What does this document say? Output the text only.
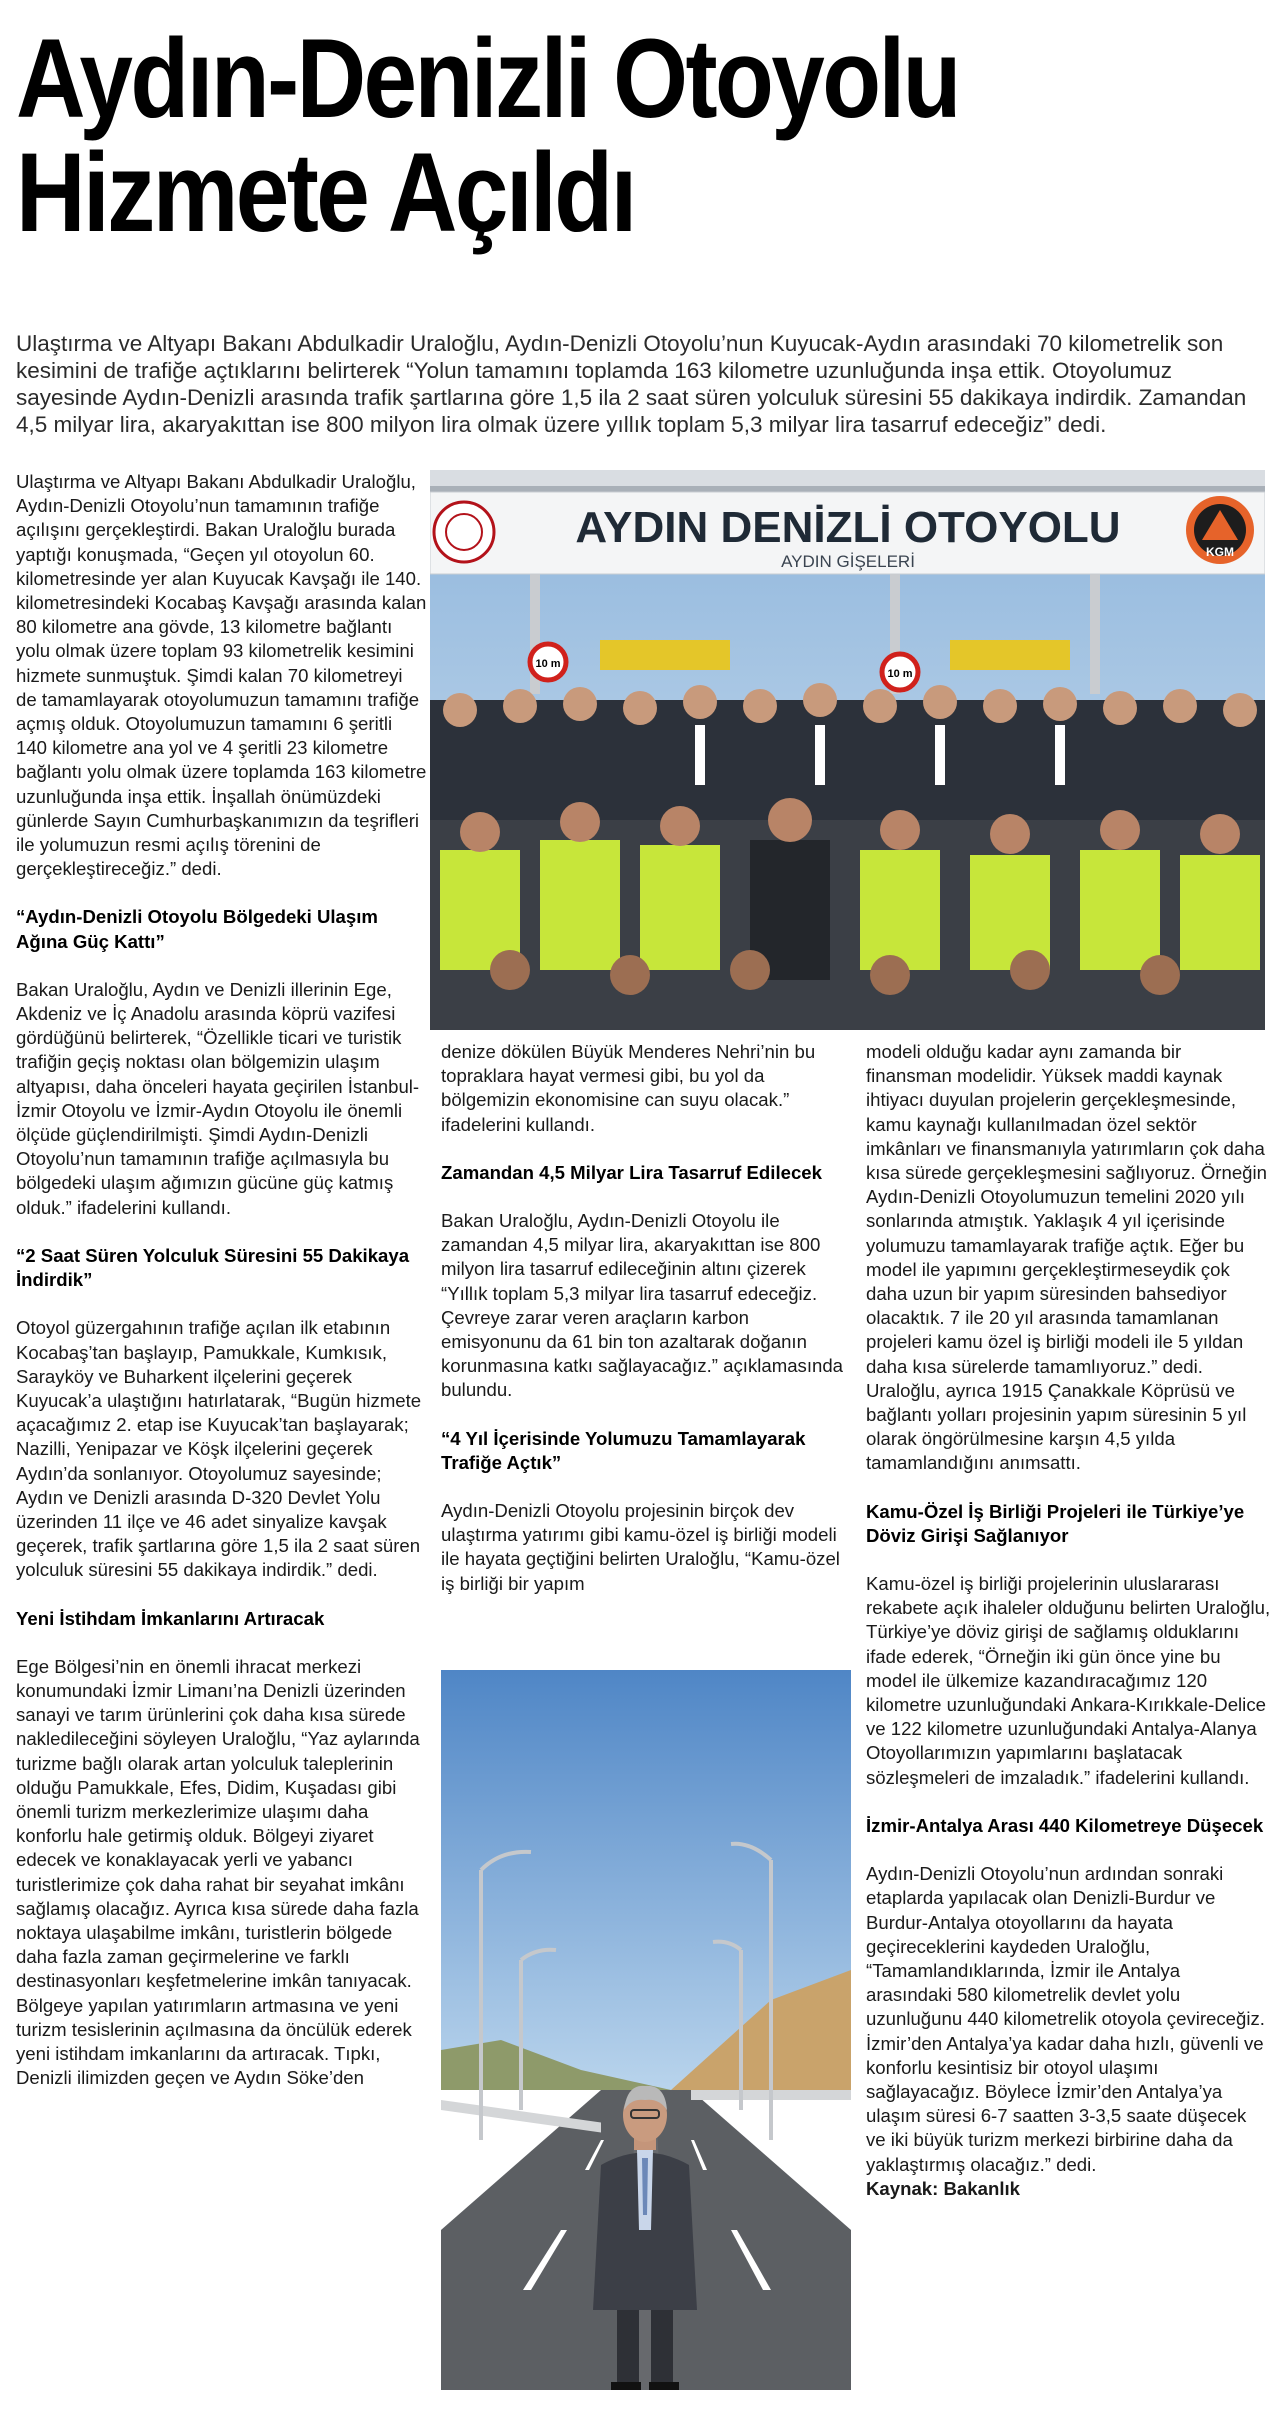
Aydın-Denizli Otoyolu
Hizmete Açıldı

Ulaştırma ve Altyapı Bakanı Abdulkadir Uraloğlu, Aydın-Denizli Otoyolu’nun Kuyucak-Aydın arasındaki 70 kilometrelik son kesimini de trafiğe açtıklarını belirterek “Yolun tamamını toplamda 163 kilometre uzunluğunda inşa ettik. Otoyolumuz sayesinde Aydın-Denizli arasında trafik şartlarına göre 1,5 ila 2 saat süren yolculuk süresini 55 dakikaya indirdik. Zamandan 4,5 milyar lira, akaryakıttan ise 800 milyon lira olmak üzere yıllık toplam 5,3 milyar lira tasarruf edeceğiz” dedi.

Ulaştırma ve Altyapı Bakanı Abdulkadir Uraloğlu, Aydın-Denizli Otoyolu’nun tamamının trafiğe açılışını gerçekleştirdi. Bakan Uraloğlu burada yaptığı konuşmada, “Geçen yıl otoyolun 60. kilometresinde yer alan Kuyucak Kavşağı ile 140. kilometresindeki Kocabaş Kavşağı arasında kalan 80 kilometre ana gövde, 13 kilometre bağlantı yolu olmak üzere toplam 93 kilometrelik kesimini hizmete sunmuştuk. Şimdi kalan 70 kilometreyi de tamamlayarak otoyolumuzun tamamını trafiğe açmış olduk. Otoyolumuzun tamamını 6 şeritli 140 kilometre ana yol ve 4 şeritli 23 kilometre bağlantı yolu olmak üzere toplamda 163 kilometre uzunluğunda inşa ettik. İnşallah önümüzdeki günlerde Sayın Cumhurbaşkanımızın da teşrifleri ile yolumuzun resmi açılış törenini de gerçekleştireceğiz.” dedi.

“Aydın-Denizli Otoyolu Bölgedeki Ulaşım Ağına Güç Kattı”

Bakan Uraloğlu, Aydın ve Denizli illerinin Ege, Akdeniz ve İç Anadolu arasında köprü vazifesi gördüğünü belirterek, “Özellikle ticari ve turistik trafiğin geçiş noktası olan bölgemizin ulaşım altyapısı, daha önceleri hayata geçirilen İstanbul-İzmir Otoyolu ve İzmir-Aydın Otoyolu ile önemli ölçüde güçlendirilmişti. Şimdi Aydın-Denizli Otoyolu’nun tamamının trafiğe açılmasıyla bu bölgedeki ulaşım ağımızın gücüne güç katmış olduk.” ifadelerini kullandı.

“2 Saat Süren Yolculuk Süresini 55 Dakikaya İndirdik”

Otoyol güzergahının trafiğe açılan ilk etabının Kocabaş’tan başlayıp, Pamukkale, Kumkısık, Sarayköy ve Buharkent ilçelerini geçerek Kuyucak’a ulaştığını hatırlatarak, “Bugün hizmete açacağımız 2. etap ise Kuyucak’tan başlayarak; Nazilli, Yenipazar ve Köşk ilçelerini geçerek Aydın’da sonlanıyor. Otoyolumuz sayesinde; Aydın ve Denizli arasında D-320 Devlet Yolu üzerinden 11 ilçe ve 46 adet sinyalize kavşak geçerek, trafik şartlarına göre 1,5 ila 2 saat süren yolculuk süresini 55 dakikaya indirdik.” dedi.

Yeni İstihdam İmkanlarını Artıracak

Ege Bölgesi’nin en önemli ihracat merkezi konumundaki İzmir Limanı’na Denizli üzerinden sanayi ve tarım ürünlerini çok daha kısa sürede nakledileceğini söyleyen Uraloğlu, “Yaz aylarında turizme bağlı olarak artan yolculuk taleplerinin olduğu Pamukkale, Efes, Didim, Kuşadası gibi önemli turizm merkezlerimize ulaşımı daha konforlu hale getirmiş olduk. Bölgeyi ziyaret edecek ve konaklayacak yerli ve yabancı turistlerimize çok daha rahat bir seyahat imkânı sağlamış olacağız. Ayrıca kısa sürede daha fazla noktaya ulaşabilme imkânı, turistlerin bölgede daha fazla zaman geçirmelerine ve farklı destinasyonları keşfetmelerine imkân tanıyacak. Bölgeye yapılan yatırımların artmasına ve yeni turizm tesislerinin açılmasına da öncülük ederek yeni istihdam imkanlarını da artıracak. Tıpkı, Denizli ilimizden geçen ve Aydın Söke’den

AYDIN DENİZLİ OTOYOLU
AYDIN GİŞELERİ	KGM
10 m
10 m

denize dökülen Büyük Menderes Nehri’nin bu topraklara hayat vermesi gibi, bu yol da bölgemizin ekonomisine can suyu olacak.” ifadelerini kullandı.

Zamandan 4,5 Milyar Lira Tasarruf Edilecek

Bakan Uraloğlu, Aydın-Denizli Otoyolu ile zamandan 4,5 milyar lira, akaryakıttan ise 800 milyon lira tasarruf edileceğinin altını çizerek “Yıllık toplam 5,3 milyar lira tasarruf edeceğiz. Çevreye zarar veren araçların karbon emisyonunu da 61 bin ton azaltarak doğanın korunmasına katkı sağlayacağız.” açıklamasında bulundu.

“4 Yıl İçerisinde Yolumuzu Tamamlayarak Trafiğe Açtık”

Aydın-Denizli Otoyolu projesinin birçok dev ulaştırma yatırımı gibi kamu-özel iş birliği modeli ile hayata geçtiğini belirten Uraloğlu, “Kamu-özel iş birliği bir yapım

modeli olduğu kadar aynı zamanda bir finansman modelidir. Yüksek maddi kaynak ihtiyacı duyulan projelerin gerçekleşmesinde, kamu kaynağı kullanılmadan özel sektör imkânları ve finansmanıyla yatırımların çok daha kısa sürede gerçekleşmesini sağlıyoruz. Örneğin Aydın-Denizli Otoyolumuzun temelini 2020 yılı sonlarında atmıştık. Yaklaşık 4 yıl içerisinde yolumuzu tamamlayarak trafiğe açtık. Eğer bu model ile yapımını gerçekleştirmeseydik çok daha uzun bir yapım süresinden bahsediyor olacaktık. 7 ile 20 yıl arasında tamamlanan projeleri kamu özel iş birliği modeli ile 5 yıldan daha kısa sürelerde tamamlıyoruz.” dedi. Uraloğlu, ayrıca 1915 Çanakkale Köprüsü ve bağlantı yolları projesinin yapım süresinin 5 yıl olarak öngörülmesine karşın 4,5 yılda tamamlandığını anımsattı.

Kamu-Özel İş Birliği Projeleri ile Türkiye’ye Döviz Girişi Sağlanıyor

Kamu-özel iş birliği projelerinin uluslararası rekabete açık ihaleler olduğunu belirten Uraloğlu, Türkiye’ye döviz girişi de sağlamış olduklarını ifade ederek, “Örneğin iki gün önce yine bu model ile ülkemize kazandıracağımız 120 kilometre uzunluğundaki Ankara-Kırıkkale-Delice ve 122 kilometre uzunluğundaki Antalya-Alanya Otoyollarımızın yapımlarını başlatacak sözleşmeleri de imzaladık.” ifadelerini kullandı.

İzmir-Antalya Arası 440 Kilometreye Düşecek

Aydın-Denizli Otoyolu’nun ardından sonraki etaplarda yapılacak olan Denizli-Burdur ve Burdur-Antalya otoyollarını da hayata geçireceklerini kaydeden Uraloğlu, “Tamamlandıklarında, İzmir ile Antalya arasındaki 580 kilometrelik devlet yolu uzunluğunu 440 kilometrelik otoyola çevireceğiz. İzmir’den Antalya’ya kadar daha hızlı, güvenli ve konforlu kesintisiz bir otoyol ulaşımı sağlayacağız. Böylece İzmir’den Antalya’ya ulaşım süresi 6-7 saatten 3-3,5 saate düşecek ve iki büyük turizm merkezi birbirine daha da yaklaştırmış olacağız.” dedi.

Kaynak: Bakanlık
